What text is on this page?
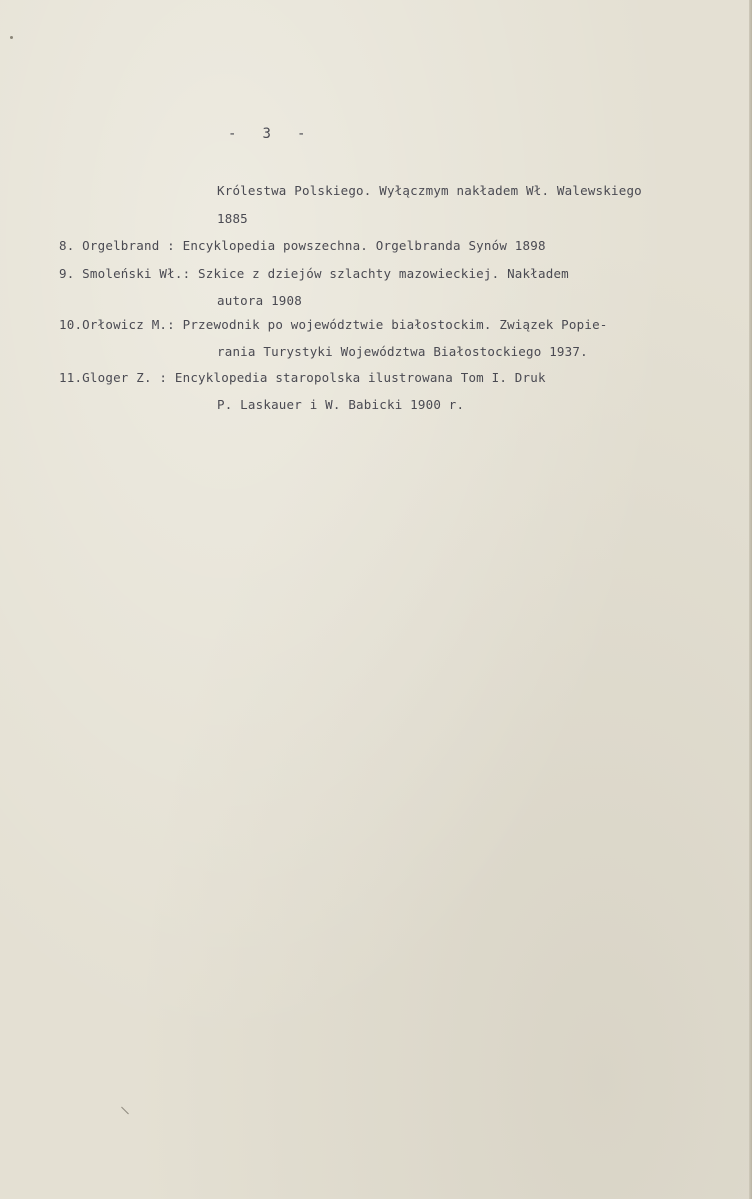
-   3   -
Królestwa Polskiego. Wyłączmym nakładem Wł. Walewskiego
1885
8. Orgelbrand : Encyklopedia powszechna. Orgelbranda Synów 1898
9. Smoleński Wł.: Szkice z dziejów szlachty mazowieckiej. Nakładem
autora 1908
10.Orłowicz M.: Przewodnik po województwie białostockim. Związek Popie-
rania Turystyki Województwa Białostockiego 1937.
11.Gloger Z. : Encyklopedia staropolska ilustrowana Tom I. Druk
P. Laskauer i W. Babicki 1900 r.
